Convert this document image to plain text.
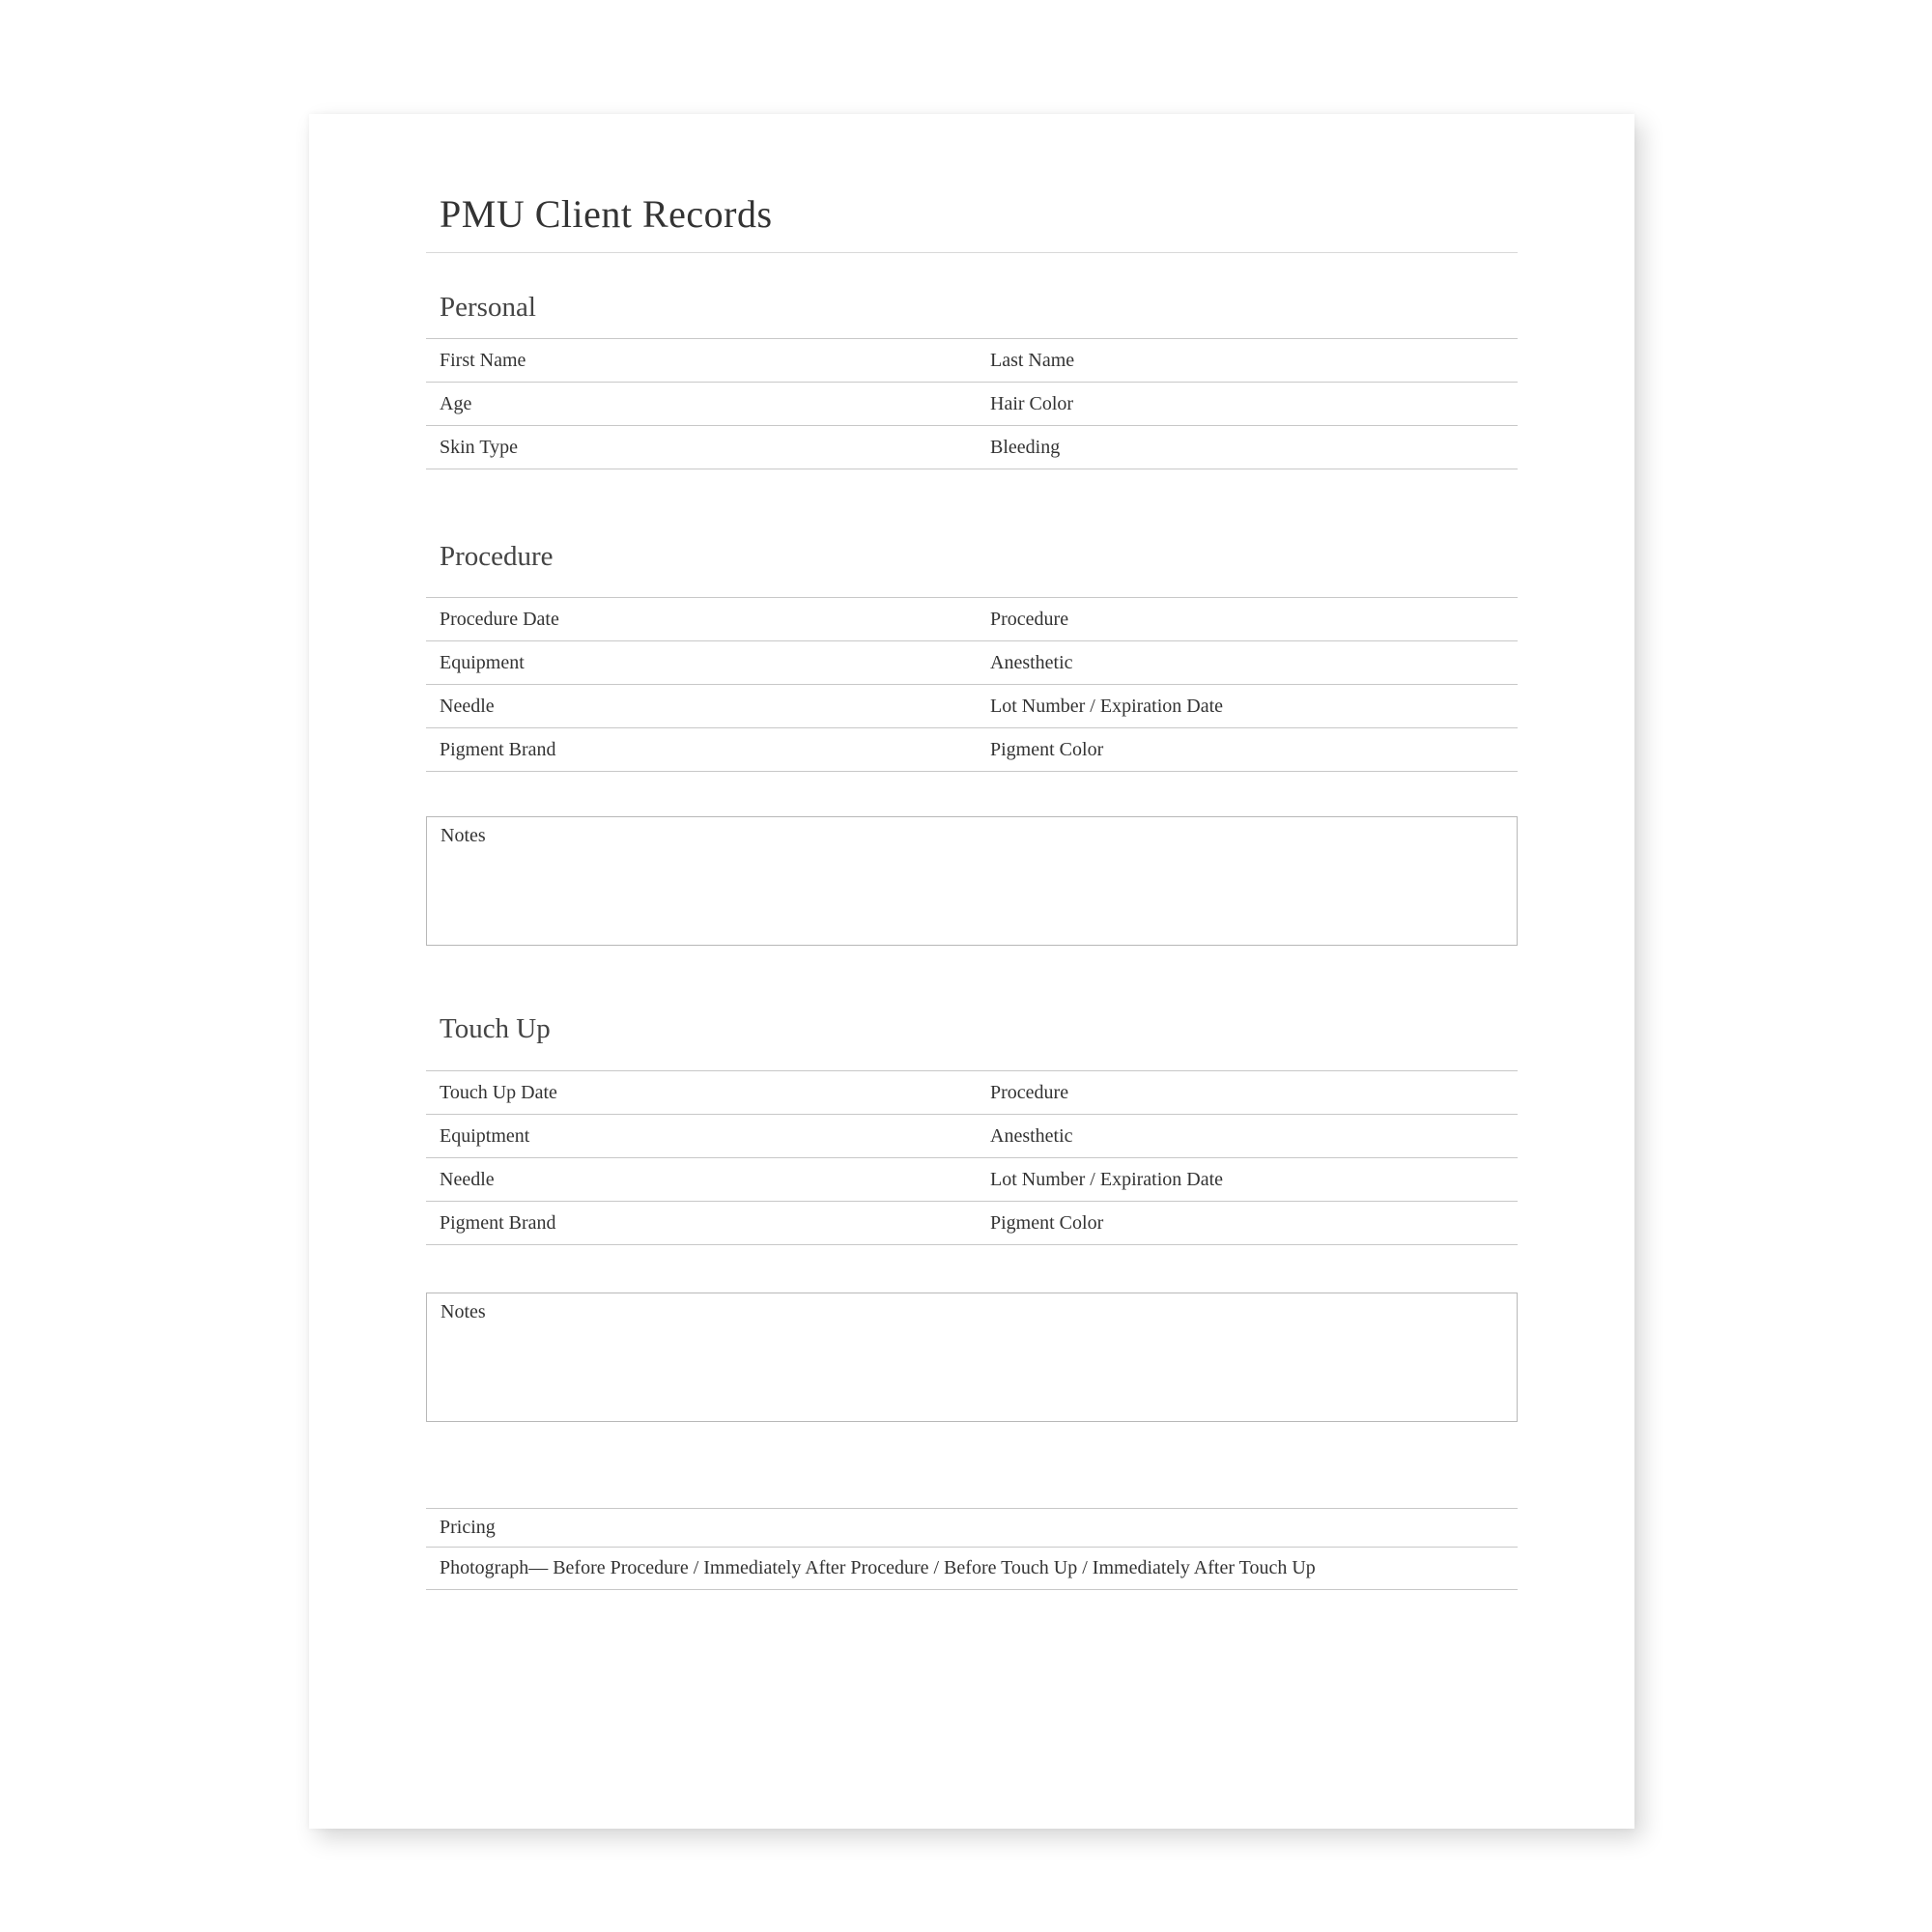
PMU Client Records
Personal
First Name	Last Name
Age	Hair Color
Skin Type	Bleeding
Procedure
Procedure Date	Procedure
Equipment	Anesthetic
Needle	Lot Number / Expiration Date
Pigment Brand	Pigment Color
Notes
Touch Up
Touch Up Date	Procedure
Equiptment	Anesthetic
Needle	Lot Number / Expiration Date
Pigment Brand	Pigment Color
Notes
Pricing
Photograph— Before Procedure / Immediately After Procedure / Before Touch Up / Immediately After Touch Up
